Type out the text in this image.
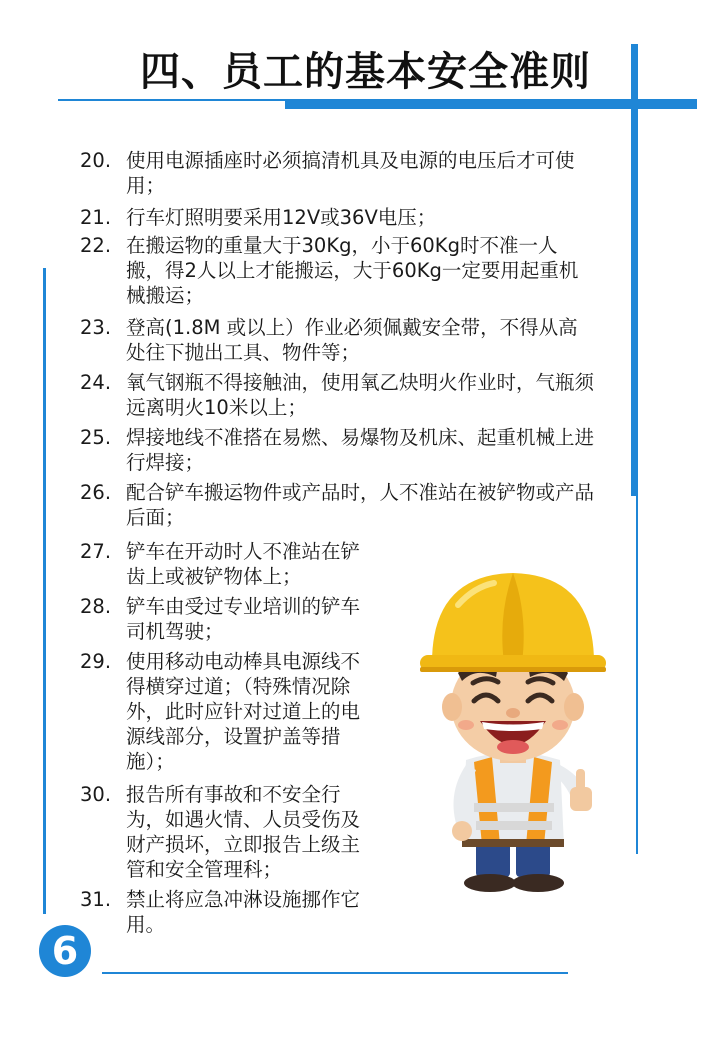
四、员工的基本安全准则
20. 使用电源插座时必须搞清机具及电源的电压后才可使用；
21. 行车灯照明要采用12V或36V电压；
22. 在搬运物的重量大于30Kg，小于60Kg时不准一人搬，得2人以上才能搬运，大于60Kg一定要用起重机械搬运；
23. 登高(1.8M 或以上）作业必须佩戴安全带，不得从高处往下抛出工具、物件等；
24. 氧气钢瓶不得接触油，使用氧乙炔明火作业时，气瓶须远离明火10米以上；
25. 焊接地线不准搭在易燃、易爆物及机床、起重机械上进行焊接；
26. 配合铲车搬运物件或产品时，人不准站在被铲物或产品后面；
27. 铲车在开动时人不准站在铲齿上或被铲物体上；
28. 铲车由受过专业培训的铲车司机驾驶；
29. 使用移动电动棒具电源线不得横穿过道；（特殊情况除外，此时应针对过道上的电源线部分，设置护盖等措施）；
30. 报告所有事故和不安全行为，如遇火情、人员受伤及财产损坏，立即报告上级主管和安全管理科；
31. 禁止将应急冲淋设施挪作它用。
6
